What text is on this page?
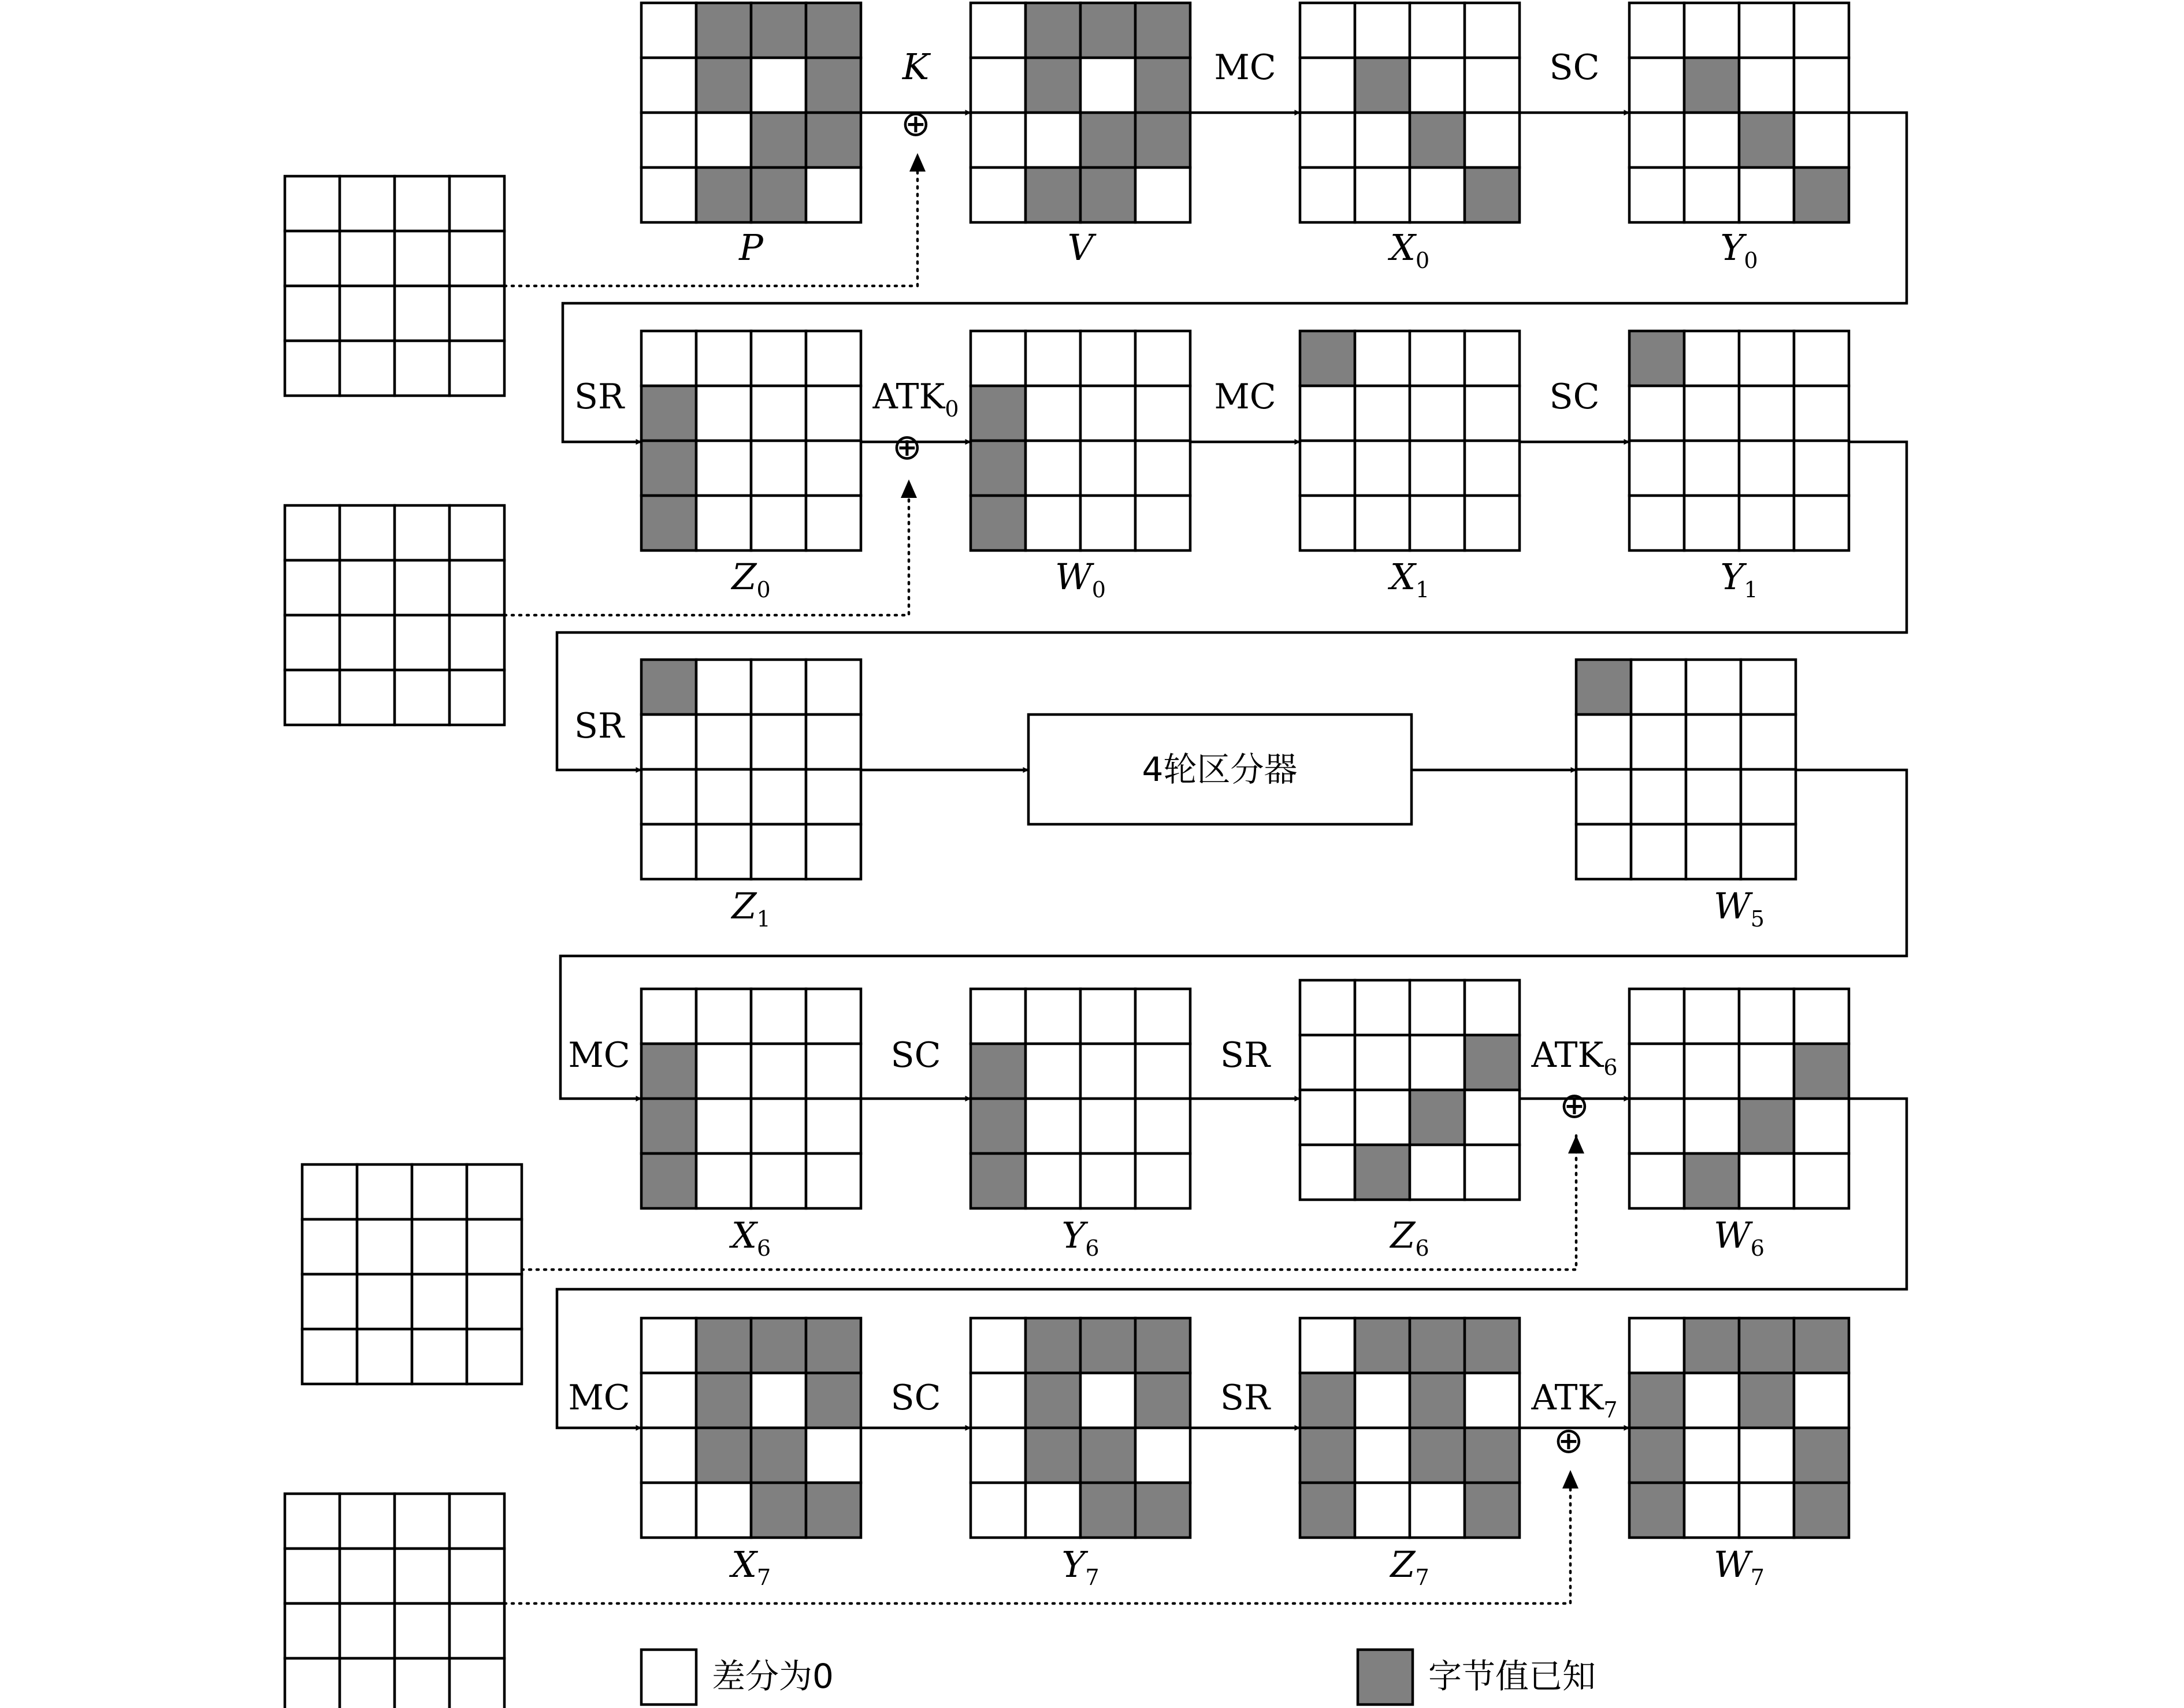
P	V	$X_0$	$Y_0$
$Z_0$	$W_0$	$X_1$	$Y_1$
$Z_1$	$W_5$
$X_6$	$Y_6$	$Z_6$	$W_6$
$X_7$	$Y_7$	$Z_7$	$W_7$
K	MC	SC
SR	$ATK_0$	MC	SC
SR
MC	SC	SR	$ATK_6$
MC	SC	SR	$ATK_7$
⊕
⊕
⊕
⊕
4轮区分器
差分为0	字节值已知
